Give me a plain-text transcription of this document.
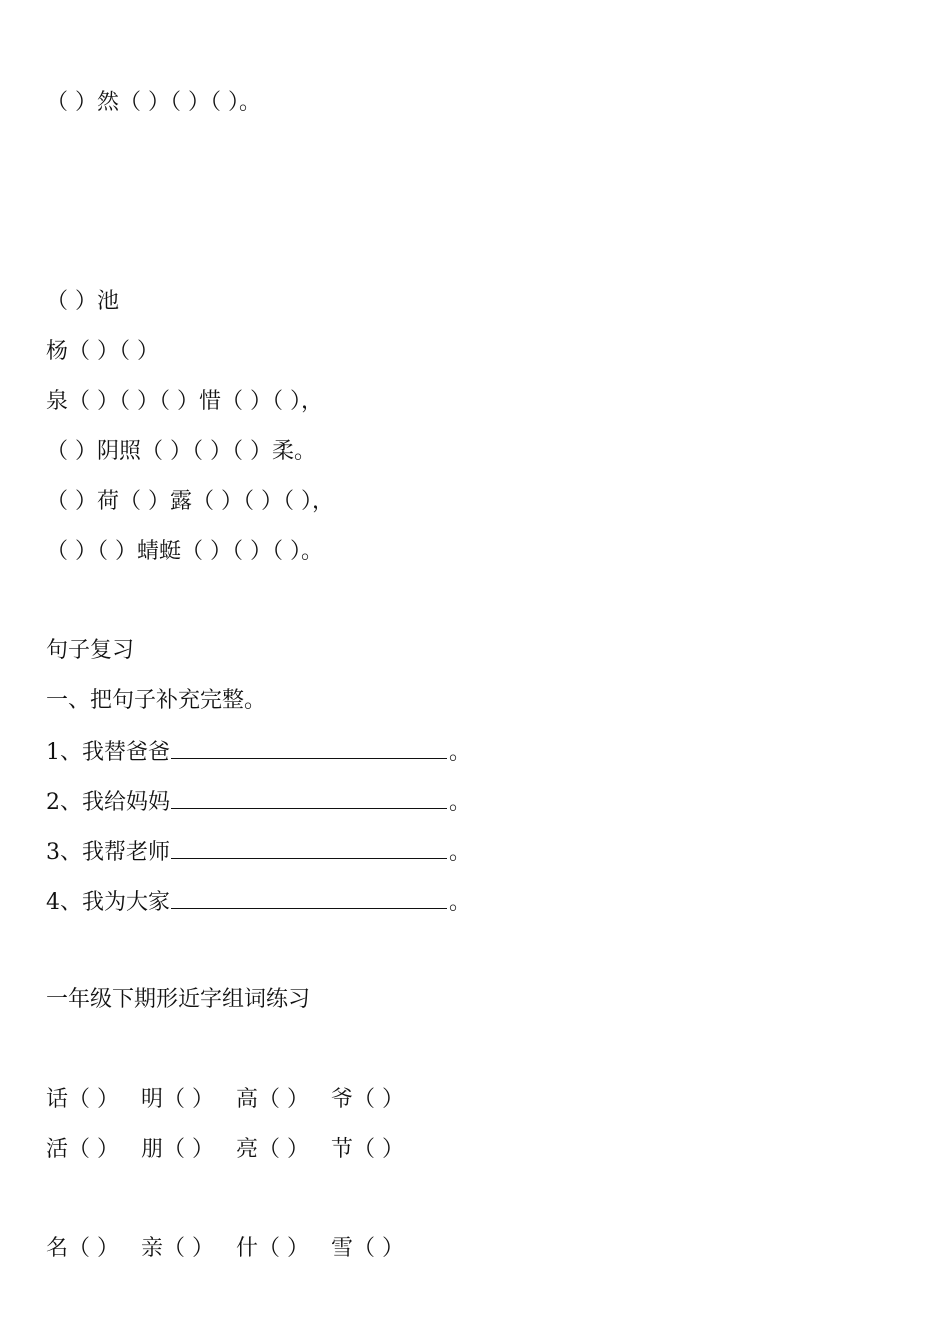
（ ）然（ ）（ ）（ ）。
（ ）池
杨（ ）（ ）
泉（ ）（ ）（ ）惜（ ）（ ），
（ ）阴照（ ）（ ）（ ）柔。
（ ）荷（ ）露（ ）（ ）（ ），
（ ）（ ）蜻蜓（ ）（ ）（ ）。
句子复习
一、把句子补充完整。
1、我替爸爸	。
2、我给妈妈	。
3、我帮老师	。
4、我为大家	。
一年级下期形近字组词练习
话（ ） 明（ ） 高（ ） 爷（ ）
活（ ） 朋（ ） 亮（ ） 节（ ）
名（ ） 亲（ ） 什（ ） 雪（ ）
